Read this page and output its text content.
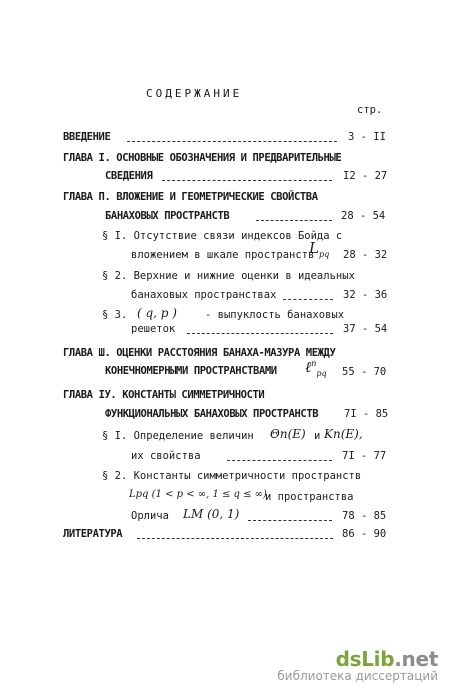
СОДЕРЖАНИЕ
стр.
ВВЕДЕНИЕ	3 - II
ГЛАВА I. ОСНОВНЫЕ ОБОЗНАЧЕНИЯ И ПРЕДВАРИТЕЛЬНЫЕ
СВЕДЕНИЯ	I2 - 27
ГЛАВА П. ВЛОЖЕНИЕ И ГЕОМЕТРИЧЕСКИЕ СВОЙСТВА
БАНАХОВЫХ ПРОСТРАНСТВ	28 - 54
§ I. Отсутствие связи индексов Бойда с
вложением в шкале пространств
$L_{pq}$ 28 - 32
§ 2. Верхние и нижние оценки в идеальных
банаховых пространствах	32 - 36
§ 3. ( q, p )	- выпуклость банаховых
решеток	37 - 54
ГЛАВА Ш. ОЦЕНКИ РАССТОЯНИЯ БАНАХА-МАЗУРА МЕЖДУ
КОНЕЧНОМЕРНЫМИ ПРОСТРАНСТВАМИ ℓ$^n_{pq}$ 55 - 70
ГЛАВА IУ. КОНСТАНТЫ СИММЕТРИЧНОСТИ
ФУНКЦИОНАЛЬНЫХ БАНАХОВЫХ ПРОСТРАНСТВ 7I - 85
§ I. Определение величин Θn(E) и Kn(E),
их свойства	7I - 77
§ 2. Константы симметричности пространств
Lpq (1 < p < ∞, 1 ≤ q ≤ ∞)
и пространства
Орлича LM (0, 1)	78 - 85
ЛИТЕРАТУРА	86 - 90
dsLib.net
библиотека диссертаций
